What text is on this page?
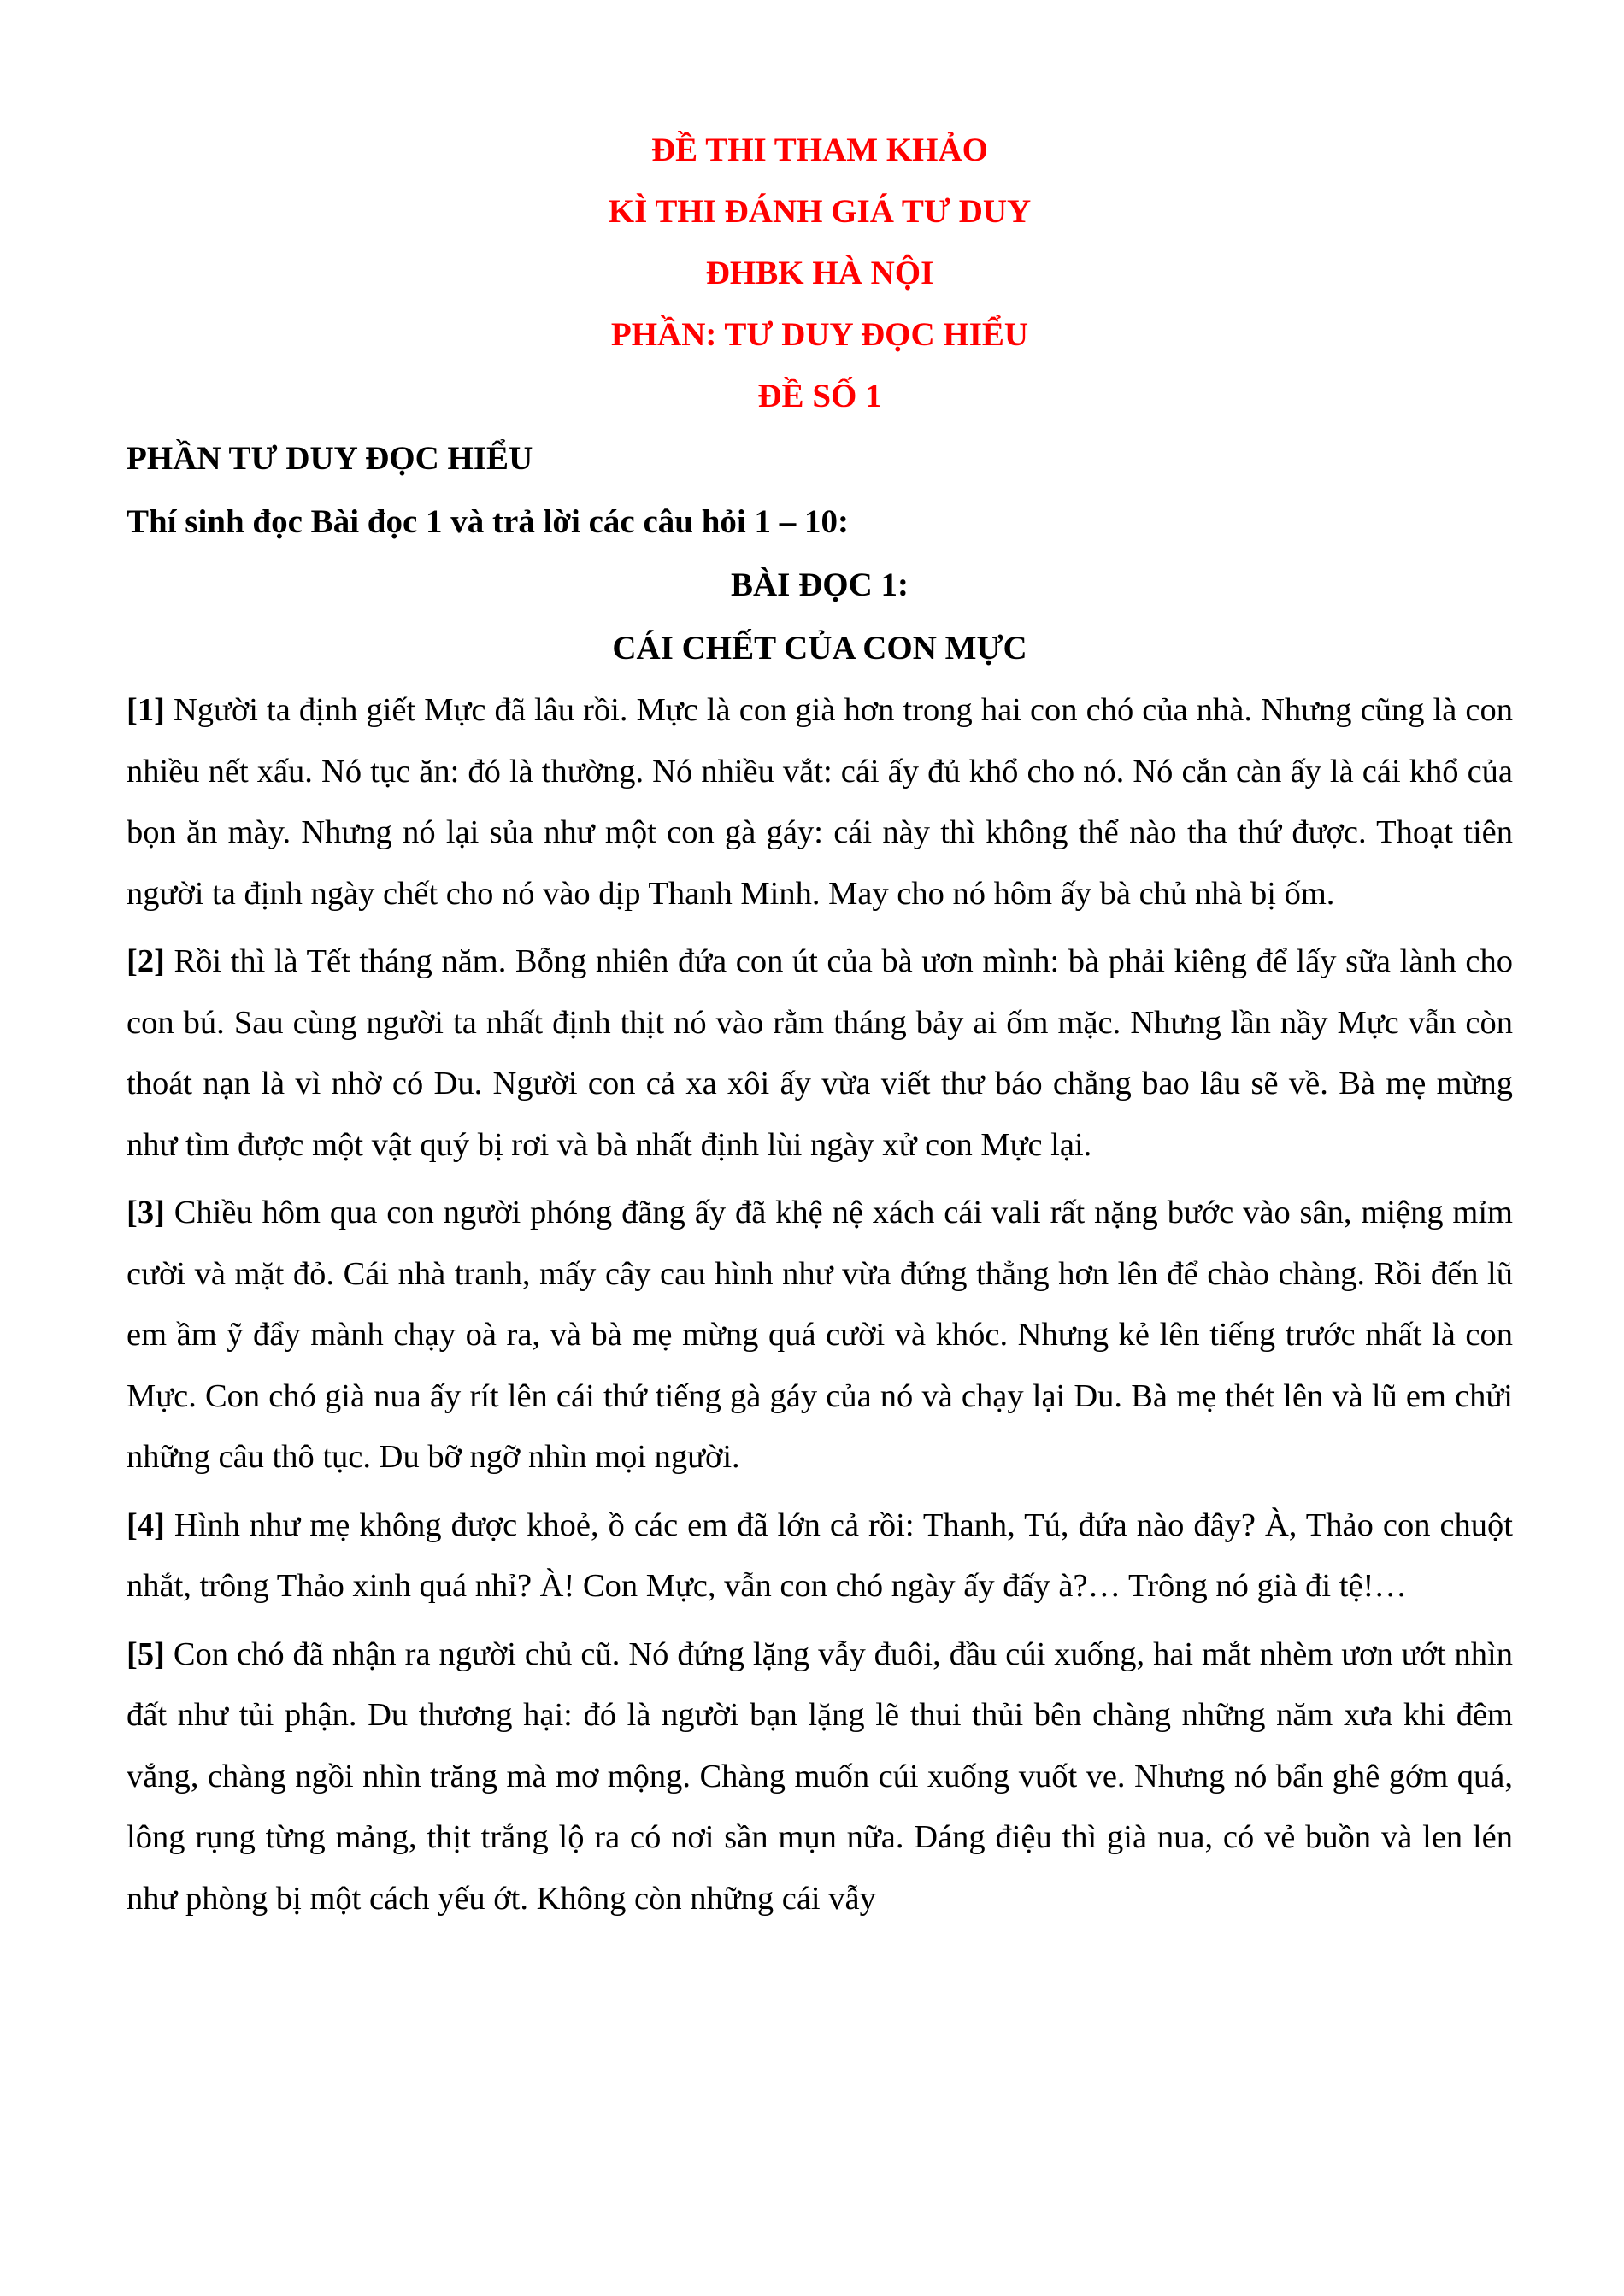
ĐỀ THI THAM KHẢO
KÌ THI ĐÁNH GIÁ TƯ DUY
ĐHBK HÀ NỘI
PHẦN: TƯ DUY ĐỌC HIỂU
ĐỀ SỐ 1
PHẦN TƯ DUY ĐỌC HIỂU
Thí sinh đọc Bài đọc 1 và trả lời các câu hỏi 1 – 10:
BÀI ĐỌC 1:
CÁI CHẾT CỦA CON MỰC

[1] Người ta định giết Mực đã lâu rồi. Mực là con già hơn trong hai con chó của nhà. Nhưng cũng là con nhiều nết xấu. Nó tục ăn: đó là thường. Nó nhiều vắt: cái ấy đủ khổ cho nó. Nó cắn càn ấy là cái khổ của bọn ăn mày. Nhưng nó lại sủa như một con gà gáy: cái này thì không thể nào tha thứ được. Thoạt tiên người ta định ngày chết cho nó vào dịp Thanh Minh. May cho nó hôm ấy bà chủ nhà bị ốm.

[2] Rồi thì là Tết tháng năm. Bỗng nhiên đứa con út của bà ươn mình: bà phải kiêng để lấy sữa lành cho con bú. Sau cùng người ta nhất định thịt nó vào rằm tháng bảy ai ốm mặc. Nhưng lần nầy Mực vẫn còn thoát nạn là vì nhờ có Du. Người con cả xa xôi ấy vừa viết thư báo chẳng bao lâu sẽ về. Bà mẹ mừng như tìm được một vật quý bị rơi và bà nhất định lùi ngày xử con Mực lại.

[3] Chiều hôm qua con người phóng đãng ấy đã khệ nệ xách cái vali rất nặng bước vào sân, miệng mỉm cười và mặt đỏ. Cái nhà tranh, mấy cây cau hình như vừa đứng thẳng hơn lên để chào chàng. Rồi đến lũ em ầm ỹ đẩy mành chạy oà ra, và bà mẹ mừng quá cười và khóc. Nhưng kẻ lên tiếng trước nhất là con Mực. Con chó già nua ấy rít lên cái thứ tiếng gà gáy của nó và chạy lại Du. Bà mẹ thét lên và lũ em chửi những câu thô tục. Du bỡ ngỡ nhìn mọi người.

[4] Hình như mẹ không được khoẻ, ồ các em đã lớn cả rồi: Thanh, Tú, đứa nào đây? À, Thảo con chuột nhắt, trông Thảo xinh quá nhỉ? À! Con Mực, vẫn con chó ngày ấy đấy à?… Trông nó già đi tệ!…

[5] Con chó đã nhận ra người chủ cũ. Nó đứng lặng vẫy đuôi, đầu cúi xuống, hai mắt nhèm ươn ướt nhìn đất như tủi phận. Du thương hại: đó là người bạn lặng lẽ thui thủi bên chàng những năm xưa khi đêm vắng, chàng ngồi nhìn trăng mà mơ mộng. Chàng muốn cúi xuống vuốt ve. Nhưng nó bẩn ghê gớm quá, lông rụng từng mảng, thịt trắng lộ ra có nơi sần mụn nữa. Dáng điệu thì già nua, có vẻ buồn và len lén như phòng bị một cách yếu ớt. Không còn những cái vẫy
